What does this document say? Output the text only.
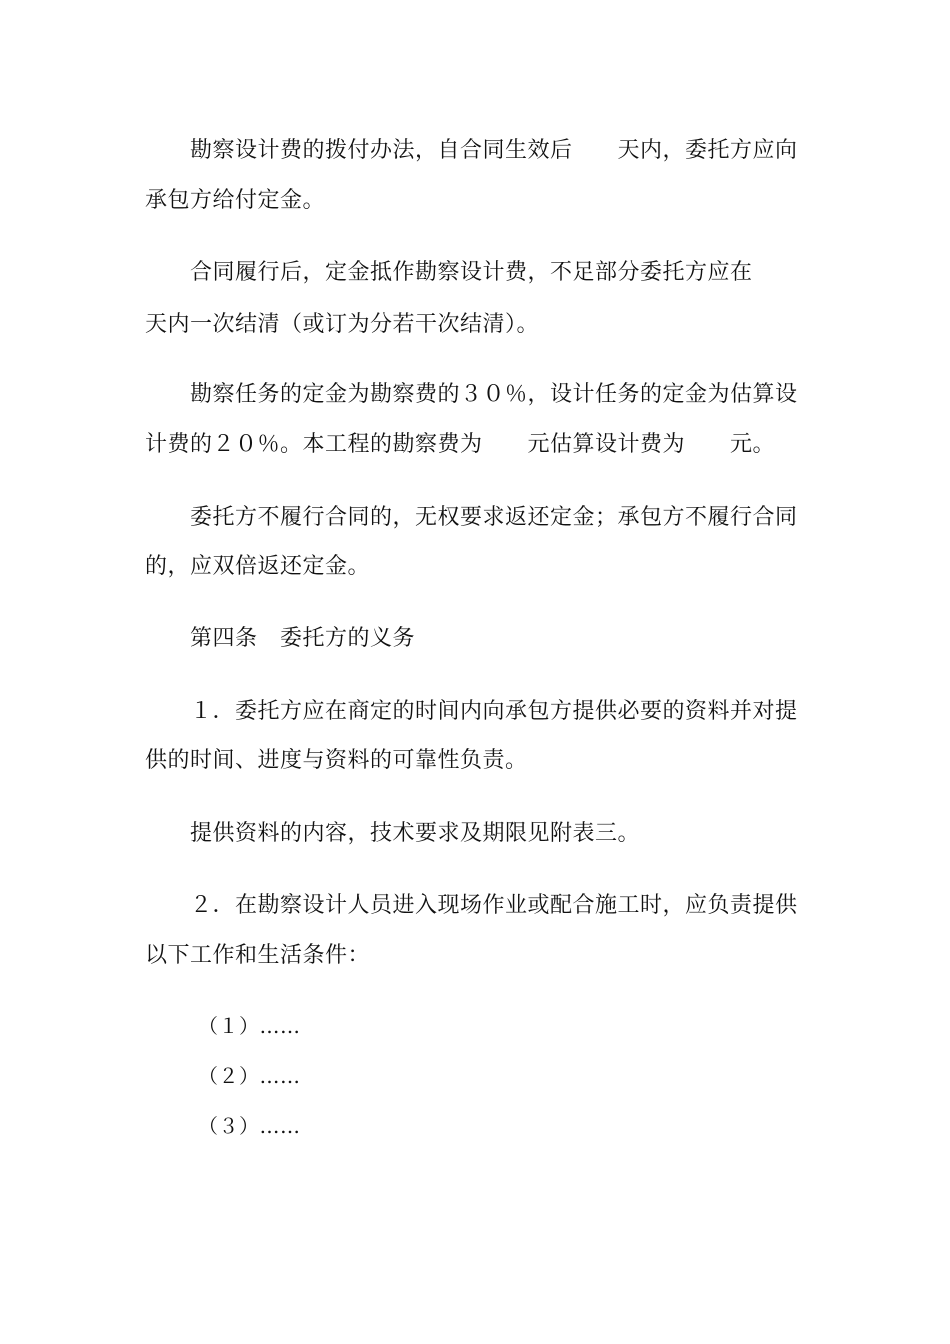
勘察设计费的拨付办法，自合同生效后　　天内，委托方应向
承包方给付定金。
合同履行后，定金抵作勘察设计费，不足部分委托方应在
天内一次结清（或订为分若干次结清）。
勘察任务的定金为勘察费的３０％，设计任务的定金为估算设
计费的２０％。本工程的勘察费为　　元估算设计费为　　元。
委托方不履行合同的，无权要求返还定金；承包方不履行合同
的，应双倍返还定金。
第四条　委托方的义务
１．委托方应在商定的时间内向承包方提供必要的资料并对提
供的时间、进度与资料的可靠性负责。
提供资料的内容，技术要求及期限见附表三。
２．在勘察设计人员进入现场作业或配合施工时，应负责提供
以下工作和生活条件：
（１）……
（２）……
（３）……
